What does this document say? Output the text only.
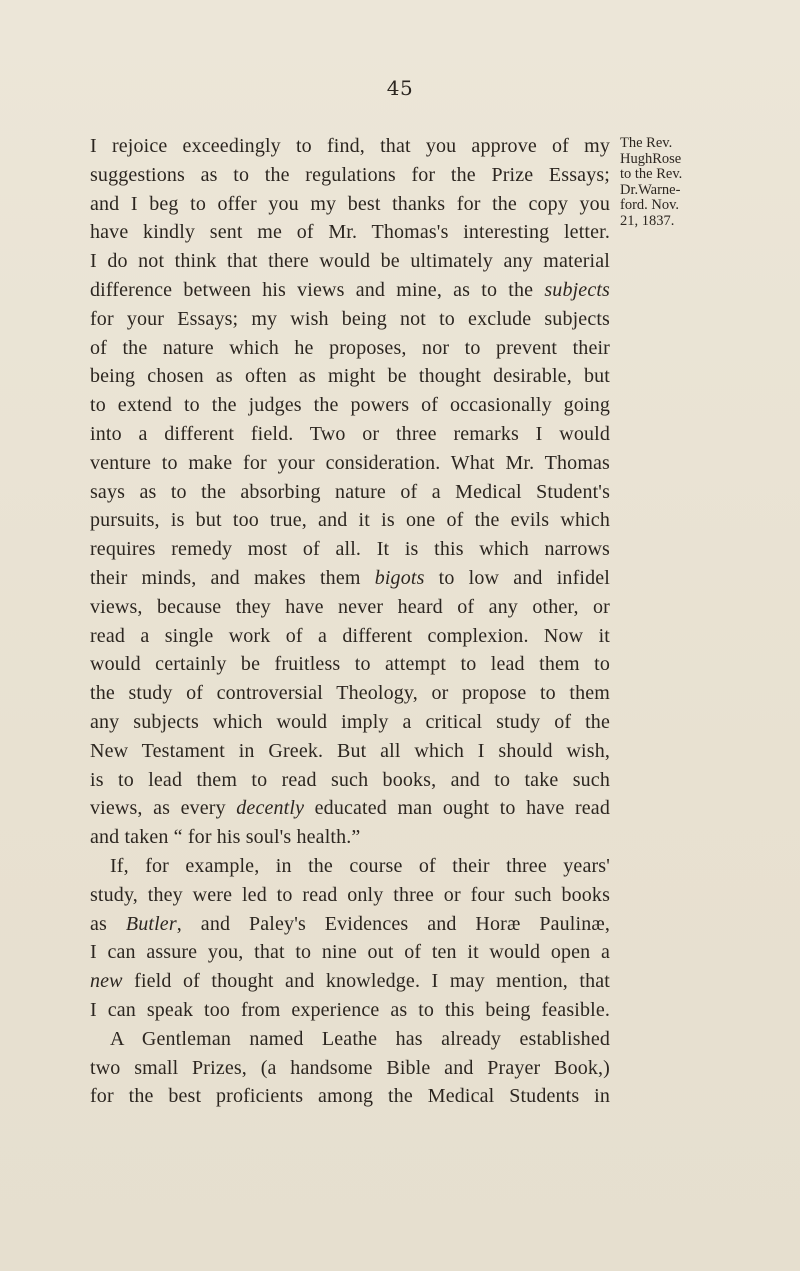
45
The Rev.
HughRose
to the Rev.
Dr.Warne-
ford. Nov.
21, 1837.
I rejoice exceedingly to find, that you approve of my
suggestions as to the regulations for the Prize Essays;
and I beg to offer you my best thanks for the copy you
have kindly sent me of Mr. Thomas's interesting letter.
I do not think that there would be ultimately any material
difference between his views and mine, as to the subjects
for your Essays; my wish being not to exclude subjects
of the nature which he proposes, nor to prevent their
being chosen as often as might be thought desirable, but
to extend to the judges the powers of occasionally going
into a different field. Two or three remarks I would
venture to make for your consideration. What Mr. Thomas
says as to the absorbing nature of a Medical Student's
pursuits, is but too true, and it is one of the evils which
requires remedy most of all. It is this which narrows
their minds, and makes them bigots to low and infidel
views, because they have never heard of any other, or
read a single work of a different complexion. Now it
would certainly be fruitless to attempt to lead them to
the study of controversial Theology, or propose to them
any subjects which would imply a critical study of the
New Testament in Greek. But all which I should wish,
is to lead them to read such books, and to take such
views, as every decently educated man ought to have read
and taken “ for his soul's health.”
If, for example, in the course of their three years'
study, they were led to read only three or four such books
as Butler, and Paley's Evidences and Horæ Paulinæ,
I can assure you, that to nine out of ten it would open a
new field of thought and knowledge. I may mention, that
I can speak too from experience as to this being feasible.
A Gentleman named Leathe has already established
two small Prizes, (a handsome Bible and Prayer Book,)
for the best proficients among the Medical Students in
